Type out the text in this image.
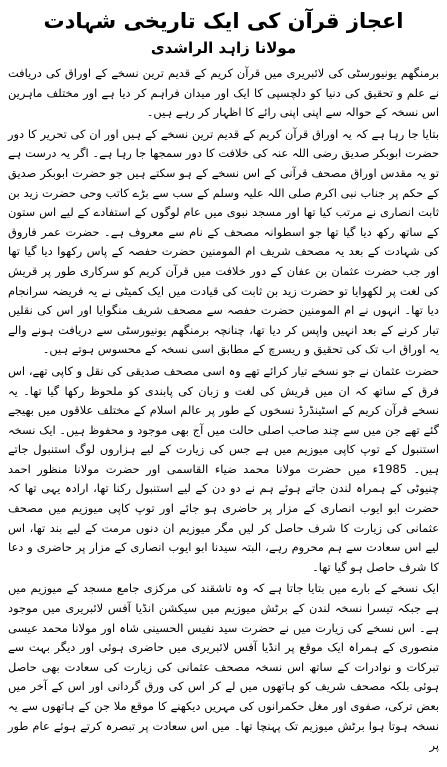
اعجاز قرآن کی ایک تاریخی شہادت
مولانا زاہد الراشدی

برمنگھم یونیورسٹی کی لائبریری میں قرآن کریم کے قدیم ترین نسخے کے اوراق کی دریافت نے علم و تحقیق کی دنیا کو دلچسپی کا ایک اور میدان فراہم کر دیا ہے اور مختلف ماہرین اس نسخہ کے حوالہ سے اپنی اپنی رائے کا اظہار کر رہے ہیں۔

بتایا جا رہا ہے کہ یہ اوراق قرآن کریم کے قدیم ترین نسخے کے ہیں اور ان کی تحریر کا دور حضرت ابوبکر صدیق رضی اللہ عنہ کی خلافت کا دور سمجھا جا رہا ہے۔ اگر یہ درست ہے تو یہ مقدس اوراق مصحف قرآنی کے اس نسخے کے ہو سکتے ہیں جو حضرت ابوبکر صدیق کے حکم پر جناب نبی اکرم صلی اللہ علیہ وسلم کے سب سے بڑے کاتب وحی حضرت زید بن ثابت انصاری نے مرتب کیا تھا اور مسجد نبوی میں عام لوگوں کے استفادے کے لیے اس ستون کے ساتھ رکھ دیا گیا تھا جو اسطوانہ مصحف کے نام سے معروف ہے۔ حضرت عمر فاروق کی شہادت کے بعد یہ مصحف شریف ام المومنین حضرت حفصہ کے پاس رکھوا دیا گیا تھا اور جب حضرت عثمان بن عفان کے دور خلافت میں قرآن کریم کو سرکاری طور پر قریش کی لغت پر لکھوایا تو حضرت زید بن ثابت کی قیادت میں ایک کمیٹی نے یہ فریضہ سرانجام دیا تھا۔ انہوں نے ام المومنین حضرت حفصہ سے مصحف شریف منگوایا اور اس کی نقلیں تیار کرنے کے بعد انہیں واپس کر دیا تھا، چنانچہ برمنگھم یونیورسٹی سے دریافت ہونے والے یہ اوراق اب تک کی تحقیق و ریسرچ کے مطابق اسی نسخہ کے محسوس ہوتے ہیں۔

حضرت عثمان نے جو نسخے تیار کرائے تھے وہ اسی مصحف صدیقی کی نقل و کاپی تھے، اس فرق کے ساتھ کہ ان میں قریش کی لغت و زبان کی پابندی کو ملحوظ رکھا گیا تھا۔ یہ نسخے قرآن کریم کے اسٹینڈرڈ نسخوں کے طور پر عالم اسلام کے مختلف علاقوں میں بھیجے گئے تھے جن میں سے چند صاحب اصلی حالت میں آج بھی موجود و محفوظ ہیں۔ ایک نسخہ استنبول کے توپ کاپی میوزیم میں ہے جس کی زیارت کے لیے ہزاروں لوگ استنبول جاتے ہیں۔ 1985ء میں حضرت مولانا محمد ضیاء القاسمی اور حضرت مولانا منظور احمد چنیوٹی کے ہمراہ لندن جاتے ہوئے ہم نے دو دن کے لیے استنبول رکنا تھا، ارادہ یہی تھا کہ حضرت ابو ایوب انصاری کے مزار پر حاضری ہو جائے اور توپ کاپی میوزیم میں مصحف عثمانی کی زیارت کا شرف حاصل کر لیں مگر میوزیم ان دنوں مرمت کے لیے بند تھا، اس لیے اس سعادت سے ہم محروم رہے، البتہ سیدنا ابو ایوب انصاری کے مزار پر حاضری و دعا کا شرف حاصل ہو گیا تھا۔

ایک نسخے کے بارے میں بتایا جاتا ہے کہ وہ تاشقند کی مرکزی جامع مسجد کے میوزیم میں ہے جبکہ تیسرا نسخہ لندن کے برٹش میوزیم میں سیکشن انڈیا آفس لائبریری میں موجود ہے۔ اس نسخے کی زیارت میں نے حضرت سید نفیس الحسینی شاہ اور مولانا محمد عیسی منصوری کے ہمراہ ایک موقع پر انڈیا آفس لائبریری میں حاضری ہوئی اور دیگر بہت سے تبرکات و نوادرات کے ساتھ اس نسخہ مصحف عثمانی کی زیارت کی سعادت بھی حاصل ہوئی بلکہ مصحف شریف کو ہاتھوں میں لے کر اس کی ورق گردانی اور اس کے آخر میں بعض ترکی، صفوی اور مغل حکمرانوں کی مہریں دیکھنے کا موقع ملا جن کے ہاتھوں سے یہ نسخہ ہوتا ہوا برٹش میوزیم تک پہنچا تھا۔ میں اس سعادت پر تبصرہ کرتے ہوئے عام طور پر
